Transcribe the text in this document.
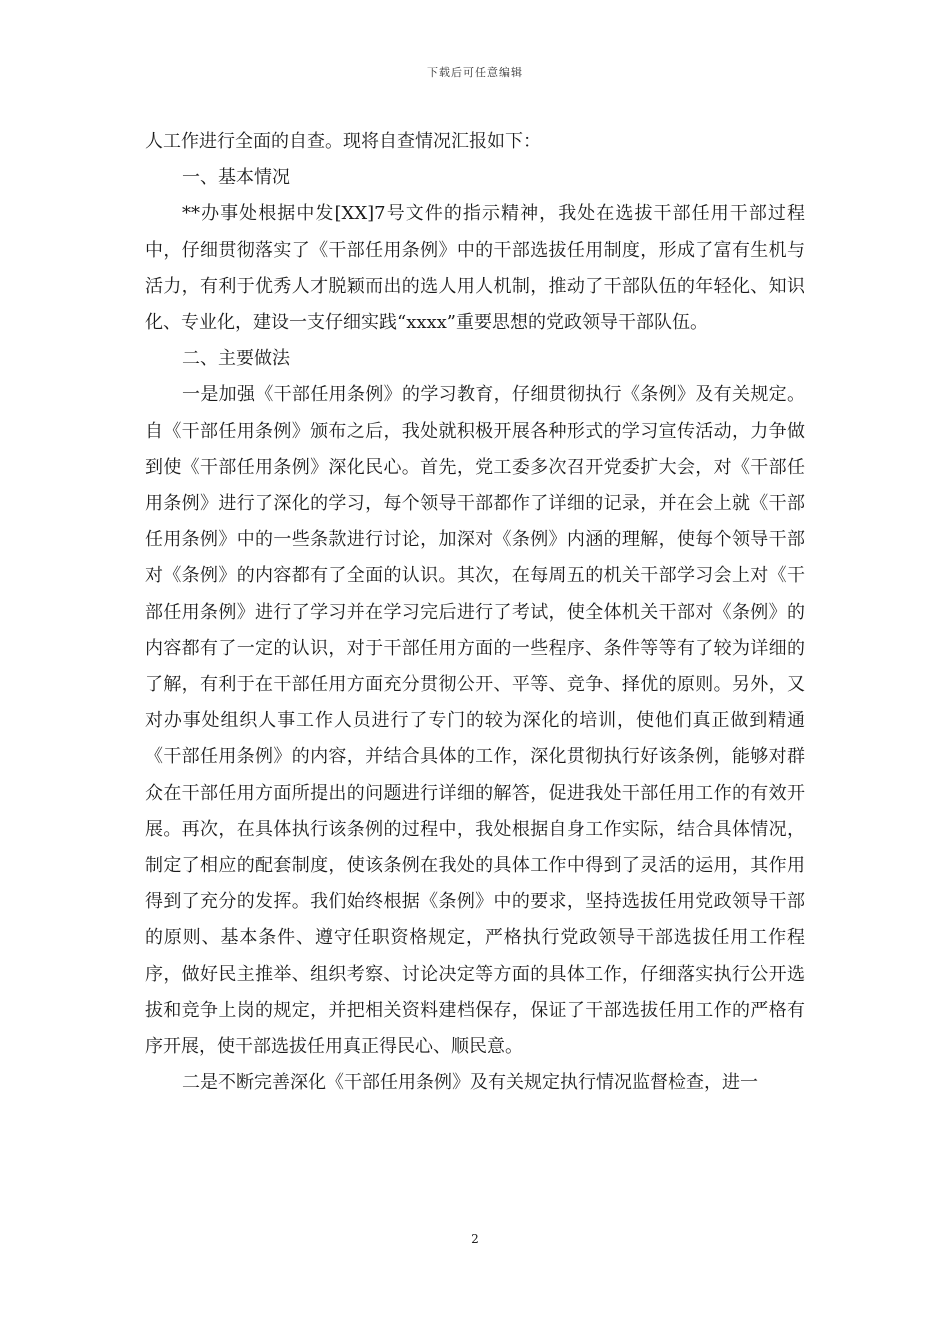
下载后可任意编辑

人工作进行全面的自查。现将自查情况汇报如下：

一、基本情况

**办事处根据中发[XX]7号文件的指示精神，我处在选拔干部任用干部过程中，仔细贯彻落实了《干部任用条例》中的干部选拔任用制度，形成了富有生机与活力，有利于优秀人才脱颖而出的选人用人机制，推动了干部队伍的年轻化、知识化、专业化，建设一支仔细实践“xxxx”重要思想的党政领导干部队伍。

二、主要做法

一是加强《干部任用条例》的学习教育，仔细贯彻执行《条例》及有关规定。自《干部任用条例》颁布之后，我处就积极开展各种形式的学习宣传活动，力争做到使《干部任用条例》深化民心。首先，党工委多次召开党委扩大会，对《干部任用条例》进行了深化的学习，每个领导干部都作了详细的记录，并在会上就《干部任用条例》中的一些条款进行讨论，加深对《条例》内涵的理解，使每个领导干部对《条例》的内容都有了全面的认识。其次，在每周五的机关干部学习会上对《干部任用条例》进行了学习并在学习完后进行了考试，使全体机关干部对《条例》的内容都有了一定的认识，对于干部任用方面的一些程序、条件等等有了较为详细的了解，有利于在干部任用方面充分贯彻公开、平等、竞争、择优的原则。另外，又对办事处组织人事工作人员进行了专门的较为深化的培训，使他们真正做到精通《干部任用条例》的内容，并结合具体的工作，深化贯彻执行好该条例，能够对群众在干部任用方面所提出的问题进行详细的解答，促进我处干部任用工作的有效开展。再次，在具体执行该条例的过程中，我处根据自身工作实际，结合具体情况，制定了相应的配套制度，使该条例在我处的具体工作中得到了灵活的运用，其作用得到了充分的发挥。我们始终根据《条例》中的要求，坚持选拔任用党政领导干部的原则、基本条件、遵守任职资格规定，严格执行党政领导干部选拔任用工作程序，做好民主推举、组织考察、讨论决定等方面的具体工作，仔细落实执行公开选拔和竞争上岗的规定，并把相关资料建档保存，保证了干部选拔任用工作的严格有序开展，使干部选拔任用真正得民心、顺民意。

二是不断完善深化《干部任用条例》及有关规定执行情况监督检查，进一

2
